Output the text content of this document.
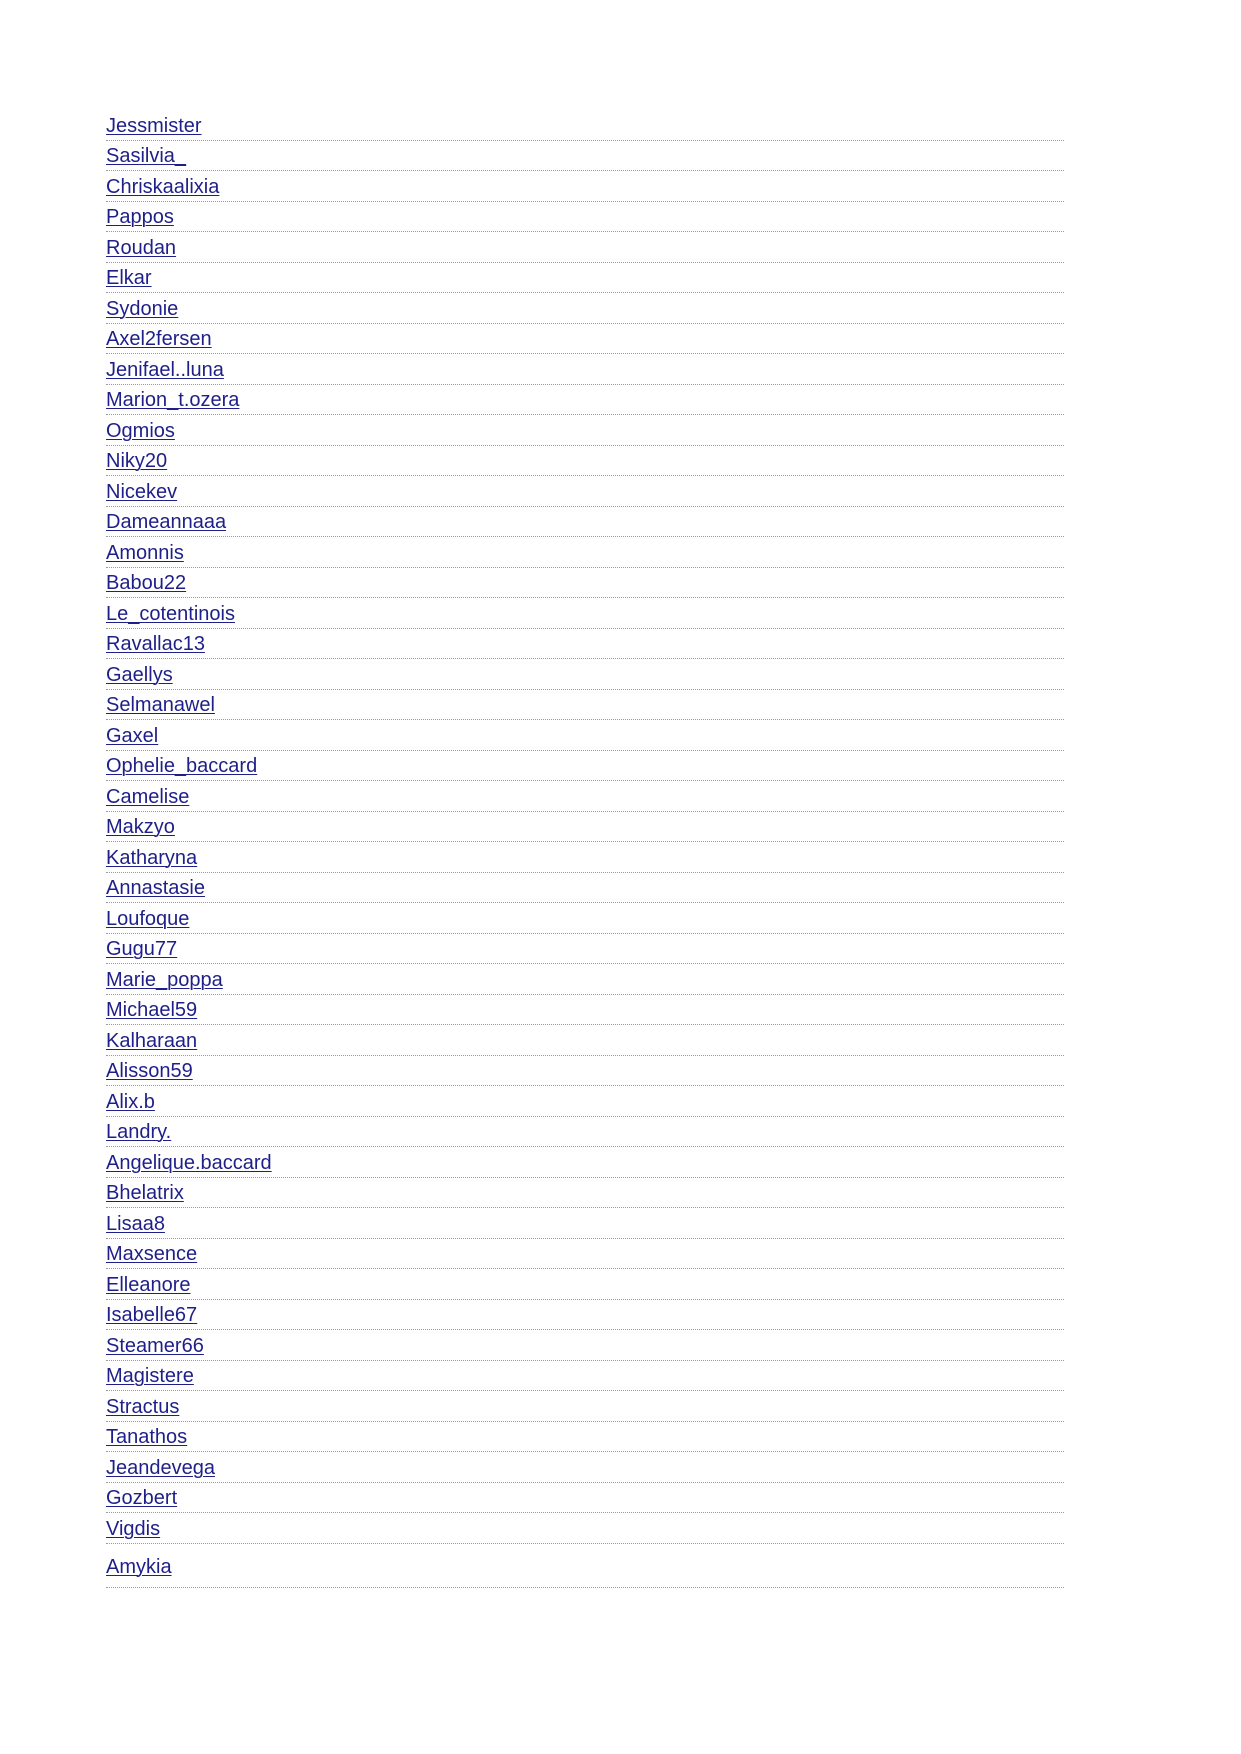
Jessmister
Sasilvia_
Chriskaalixia
Pappos
Roudan
Elkar
Sydonie
Axel2fersen
Jenifael..luna
Marion_t.ozera
Ogmios
Niky20
Nicekev
Dameannaaa
Amonnis
Babou22
Le_cotentinois
Ravallac13
Gaellys
Selmanawel
Gaxel
Ophelie_baccard
Camelise
Makzyo
Katharyna
Annastasie
Loufoque
Gugu77
Marie_poppa
Michael59
Kalharaan
Alisson59
Alix.b
Landry.
Angelique.baccard
Bhelatrix
Lisaa8
Maxsence
Elleanore
Isabelle67
Steamer66
Magistere
Stractus
Tanathos
Jeandevega
Gozbert
Vigdis
Amykia
